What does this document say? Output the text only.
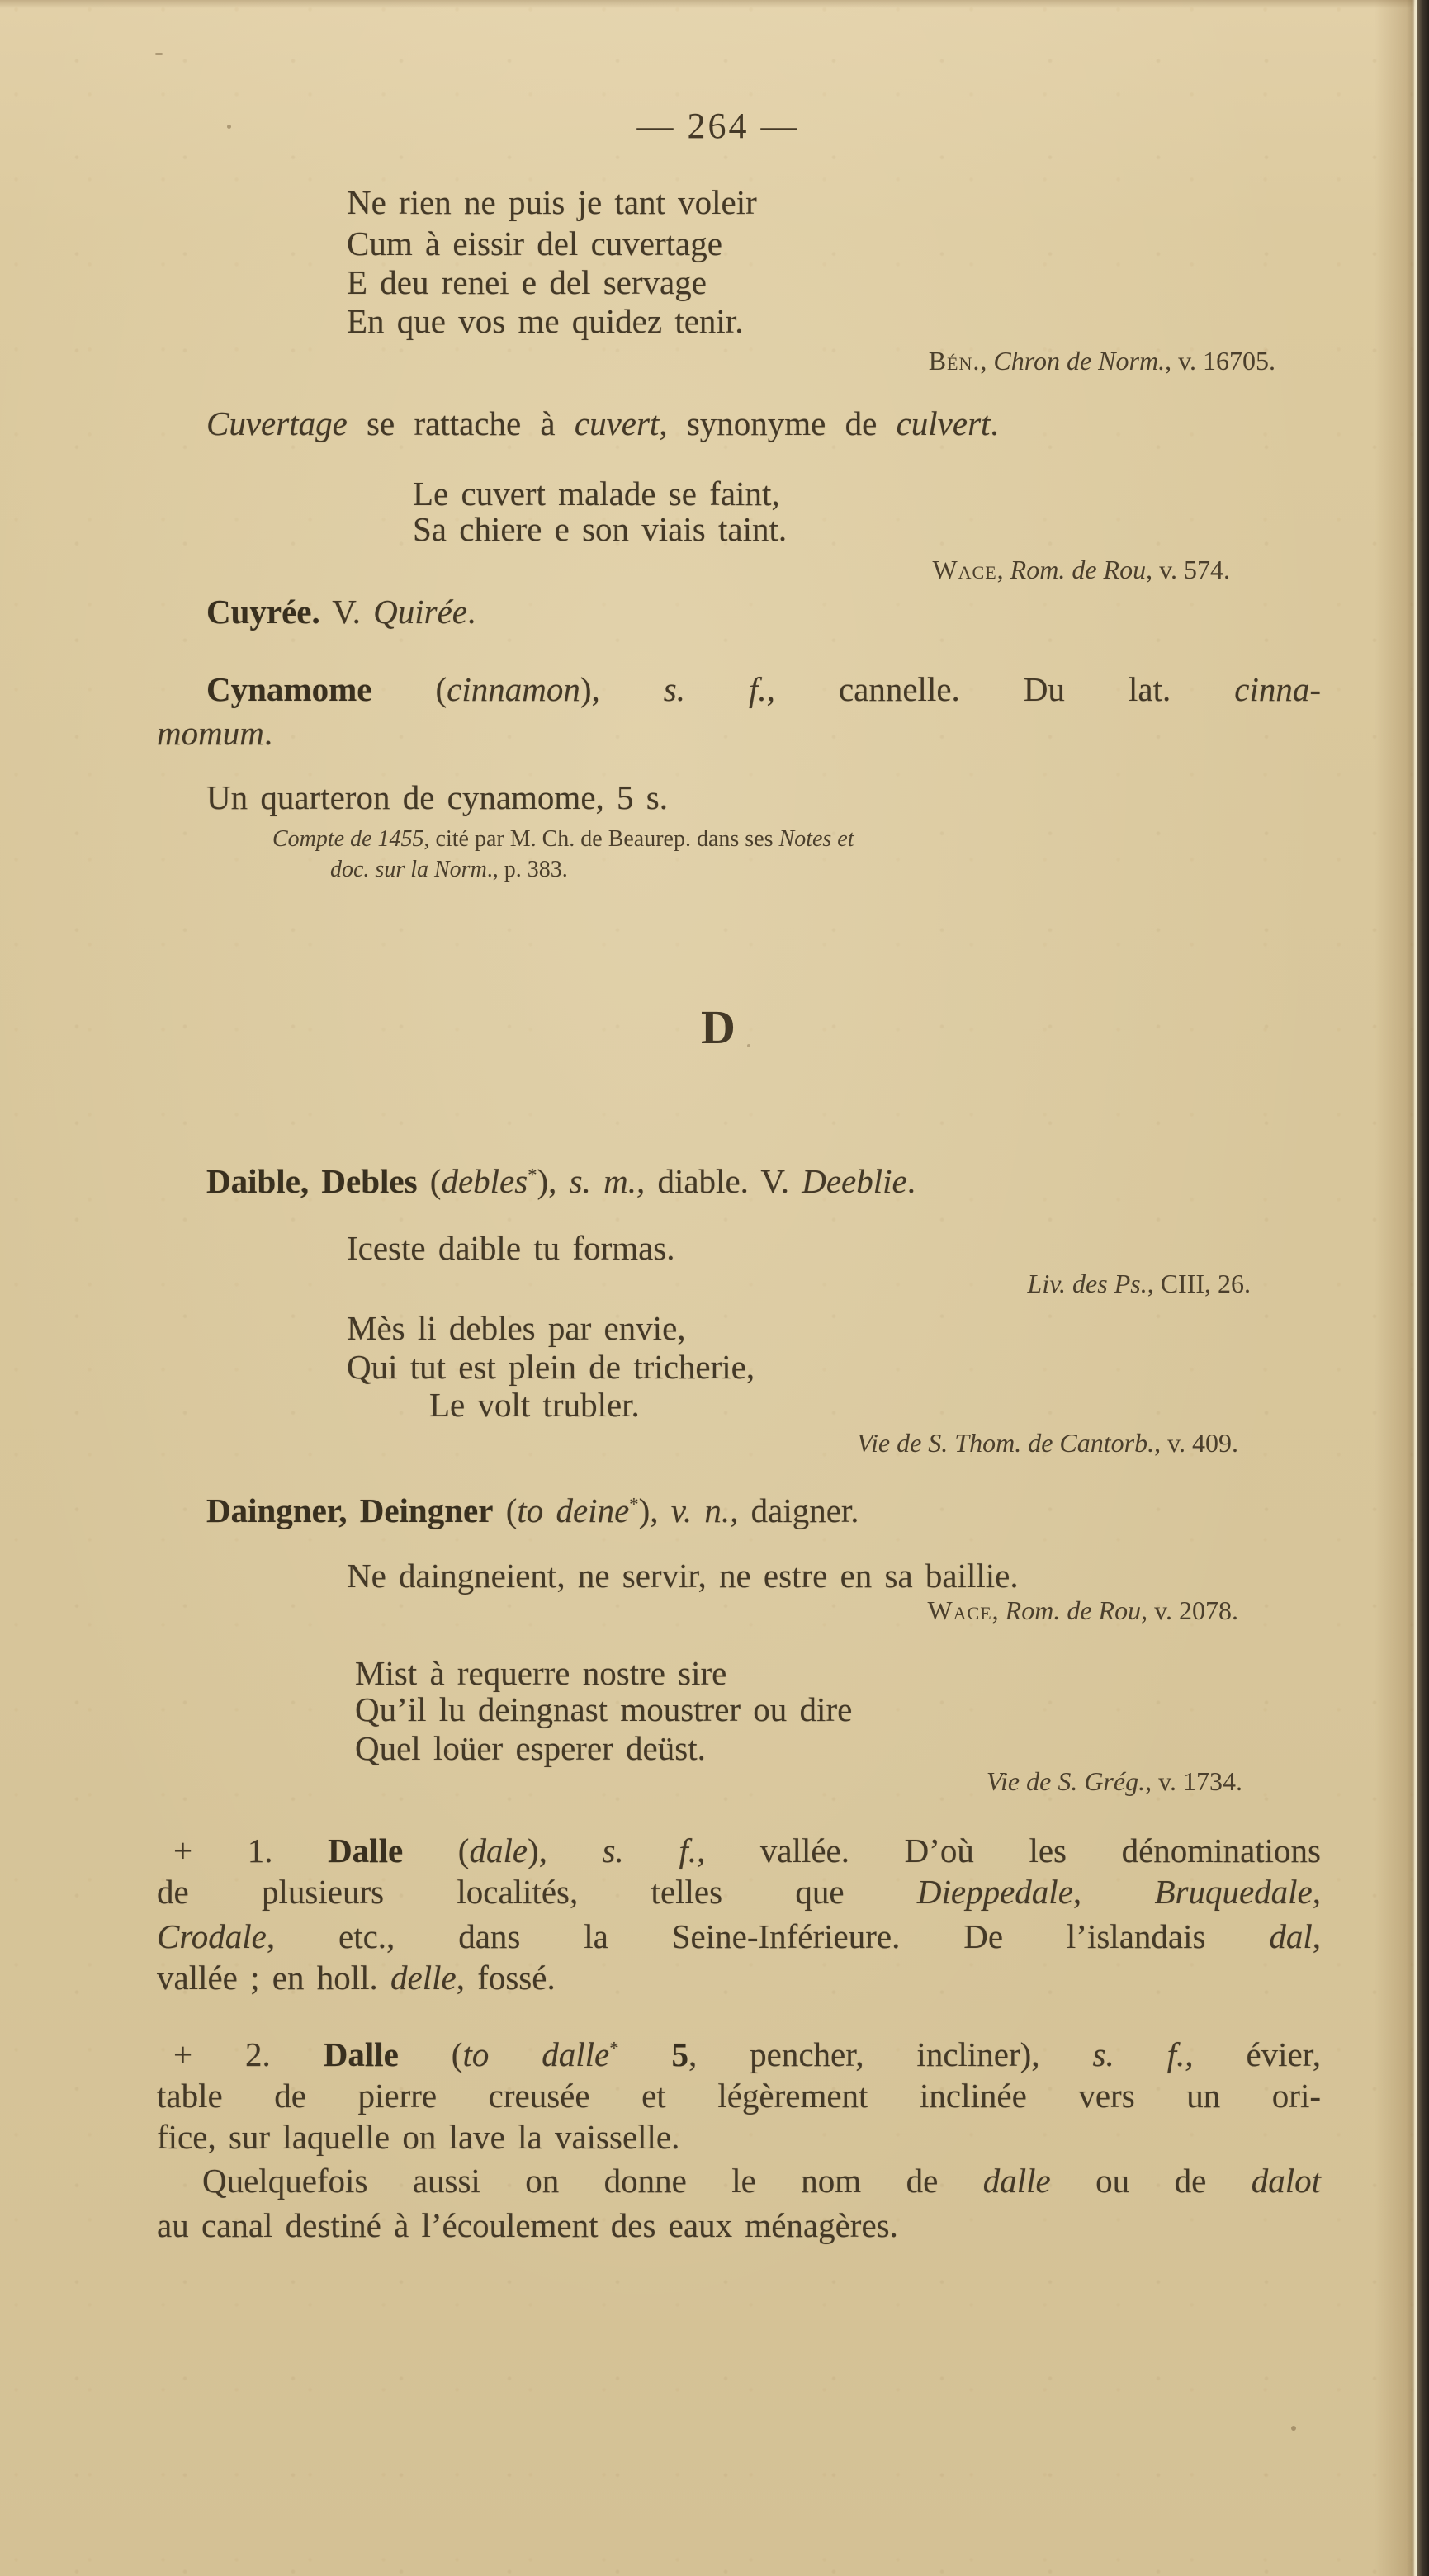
— 264 —
Ne rien ne puis je tant voleir
Cum à eissir del cuvertage
E deu renei e del servage
En que vos me quidez tenir.
Bén., Chron de Norm., v. 16705.
Cuvertage se rattache à cuvert, synonyme de culvert.
Le cuvert malade se faint,
Sa chiere e son viais taint.
Wace, Rom. de Rou, v. 574.
Cuyrée. V. Quirée.
Cynamome (cinnamon), s. f., cannelle. Du lat. cinna-
momum.
Un quarteron de cynamome, 5 s.
Compte de 1455, cité par M. Ch. de Beaurep. dans ses Notes et
doc. sur la Norm., p. 383.
D
Daible, Debles (debles*), s. m., diable. V. Deeblie.
Iceste daible tu formas.
Liv. des Ps., CIII, 26.
Mès li debles par envie,
Qui tut est plein de tricherie,
Le volt trubler.
Vie de S. Thom. de Cantorb., v. 409.
Daingner, Deingner (to deine*), v. n., daigner.
Ne daingneient, ne servir, ne estre en sa baillie.
Wace, Rom. de Rou, v. 2078.
Mist à requerre nostre sire
Qu’il lu deingnast moustrer ou dire
Quel loüer esperer deüst.
Vie de S. Grég., v. 1734.
+ 1. Dalle (dale), s. f., vallée. D’où les dénominations
de plusieurs localités, telles que Dieppedale, Bruquedale,
Crodale, etc., dans la Seine-Inférieure. De l’islandais dal,
vallée ; en holl. delle, fossé.
+ 2. Dalle (to dalle* 5, pencher, incliner), s. f., évier,
table de pierre creusée et légèrement inclinée vers un ori-
fice, sur laquelle on lave la vaisselle.
Quelquefois aussi on donne le nom de dalle ou de dalot
au canal destiné à l’écoulement des eaux ménagères.
